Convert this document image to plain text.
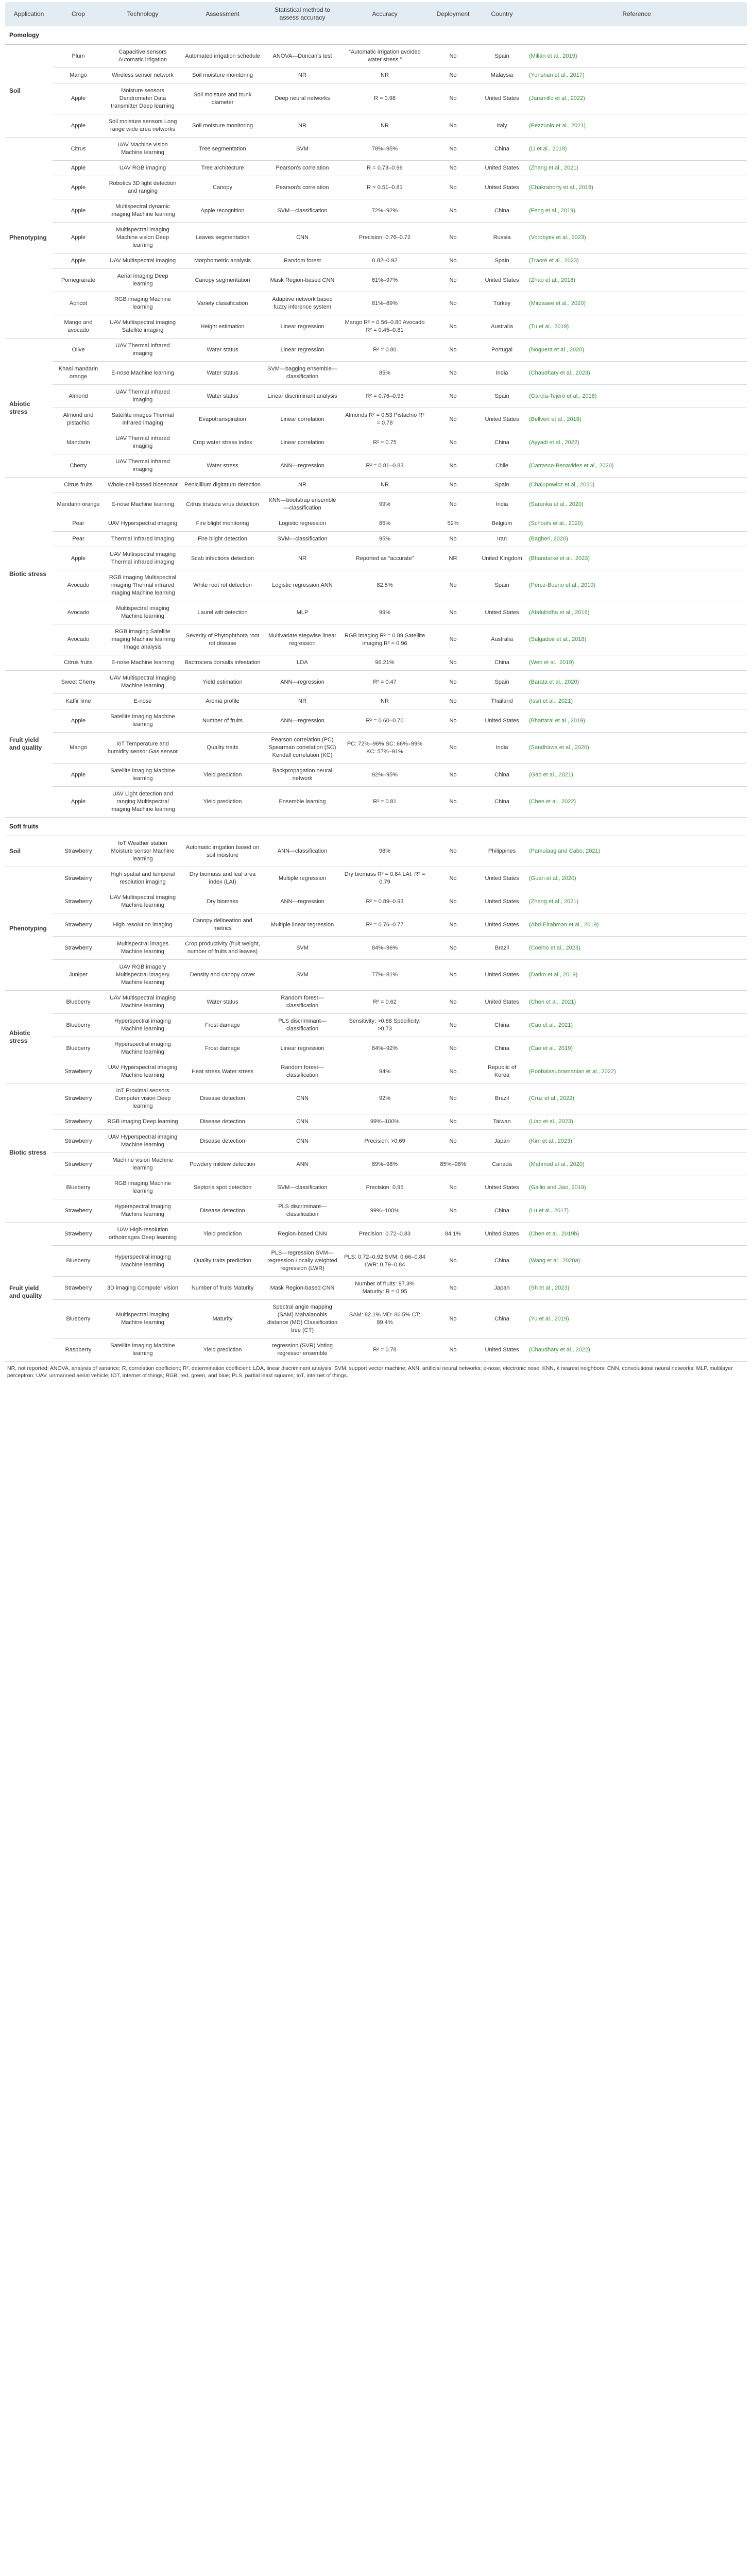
Application	Crop	Technology	Assessment	Statistical method to assess accuracy	Accuracy	Deployment	Country	Reference
Pomology								
Soil	Plum	Capacitive sensors Automatic irrigation	Automated irrigation schedule	ANOVA—Duncan's test	“Automatic irrigation avoided water stress.”	No	Spain	(Millán et al., 2019)
	Mango	Wireless sensor network	Soil moisture monitoring	NR	NR	No	Malaysia	(Yunshan et al., 2017)
	Apple	Moisture sensors Dendrometer Data transmitter Deep learning	Soil moisture and trunk diameter	Deep neural networks	R = 0.98	No	United States	(Jaramillo et al., 2022)
	Apple	Soil moisture sensors Long range wide area networks	Soil moisture monitoring	NR	NR	No	Italy	(Pezzuolo et al., 2021)
Phenotyping	Citrus	UAV Machine vision Machine learning	Tree segmentation	SVM	78%–95%	No	China	(Li et al., 2019)
	Apple	UAV RGB imaging	Tree architecture	Pearson's correlation	R = 0.73–0.96	No	United States	(Zhang et al., 2021)
	Apple	Robotics 3D light detection and ranging	Canopy	Pearson's correlation	R = 0.51–0.81	No	United States	(Chakraborty et al., 2019)
	Apple	Multispectral dynamic imaging Machine learning	Apple recognition	SVM—classification	72%–92%	No	China	(Feng et al., 2019)
	Apple	Multispectral imaging Machine vision Deep learning	Leaves segmentation	CNN	Precision: 0.76–0.72	No	Russia	(Vorobyev et al., 2023)
	Apple	UAV Multispectral imaging	Morphometric analysis	Random forest	0.82–0.92	No	Spain	(Traoré et al., 2023)
	Pomegranate	Aerial imaging Deep learning	Canopy segmentation	Mask Region-based CNN	61%–97%	No	United States	(Zhao et al., 2018)
	Apricot	RGB imaging Machine learning	Variety classification	Adaptive network based fuzzy inference system	81%–89%	No	Turkey	(Mirzaaee et al., 2020)
	Mango and avocado	UAV Multispectral imaging Satellite imaging	Height estimation	Linear regression	Mango R² = 0.56–0.80 Avocado R² = 0.45–0.81	No	Australia	(Tu et al., 2019)
Abiotic stress	Olive	UAV Thermal infrared imaging	Water status	Linear regression	R² = 0.80	No	Portugal	(Noguera et al., 2020)
	Khasi mandarin orange	E-nose Machine learning	Water status	SVM—bagging ensemble—classification	85%	No	India	(Chaudhary et al., 2023)
	Almond	UAV Thermal infrared imaging	Water status	Linear discriminant analysis	R² = 0.76–0.93	No	Spain	(García-Tejero et al., 2018)
	Almond and pistachio	Satellite images Thermal infrared imaging	Evapotranspiration	Linear correlation	Almonds R² = 0.53 Pistachio R² = 0.78	No	United States	(Bellvert et al., 2018)
	Mandarin	UAV Thermal infrared imaging	Crop water stress index	Linear correlation	R² = 0.75	No	China	(Ayyadi et al., 2022)
	Cherry	UAV Thermal infrared imaging	Water stress	ANN—regression	R² = 0.81–0.83	No	Chile	(Carrasco-Benavides et al., 2020)
Biotic stress	Citrus fruits	Whole-cell-based biosensor	Penicillium digitatum detection	NR	NR	No	Spain	(Chalupowicz et al., 2020)
	Mandarin orange	E-nose Machine learning	Citrus tristeza virus detection	KNN—bootstrap ensemble—classification	99%	No	India	(Saranka et al., 2020)
	Pear	UAV Hyperspectral imaging	Fire blight monitoring	Logistic regression	85%	52%	Belgium	(Schoofs et al., 2020)
	Pear	Thermal infrared imaging	Fire blight detection	SVM—classification	95%	No	Iran	(Bagheri, 2020)
	Apple	UAV Multispectral imaging Thermal infrared imaging	Scab infections detection	NR	Reported as “accurate”	NR	United Kingdom	(Bhandarke et al., 2023)
	Avocado	RGB imaging Multispectral imaging Thermal infrared imaging Machine learning	White root rot detection	Logistic regression ANN	82.5%	No	Spain	(Pérez-Bueno et al., 2019)
	Avocado	Multispectral imaging Machine learning	Laurel wilt detection	MLP	99%	No	United States	(Abdulridha et al., 2018)
	Avocado	RGB imaging Satellite imaging Machine learning Image analysis	Severity of Phytophthora root rot disease	Multivariate stepwise linear regression	RGB imaging R² = 0.89 Satellite imaging R² = 0.96	No	Australia	(Salgadoe et al., 2018)
	Citrus fruits	E-nose Machine learning	Bactrocera dorsalis infestation	LDA	96.21%	No	China	(Wen et al., 2019)
Fruit yield and quality	Sweet Cherry	UAV Multispectral imaging Machine learning	Yield estimation	ANN—regression	R² = 0.47	No	Spain	(Barata et al., 2020)
	Kaffir lime	E-nose	Aroma profile	NR	NR	No	Thailand	(Issri et al., 2021)
	Apple	Satellite imaging Machine learning	Number of fruits	ANN—regression	R² = 0.60–0.70	No	United States	(Bhattarai et al., 2019)
	Mango	IoT Temperature and humidity sensor Gas sensor	Quality traits	Pearson correlation (PC) Spearman correlation (SC) Kendall correlation (KC)	PC: 72%–96% SC: 66%–99% KC: 57%–91%	No	India	(Sandhawa et al., 2020)
	Apple	Satellite imaging Machine learning	Yield prediction	Backpropagation neural network	92%–95%	No	China	(Gao et al., 2021)
	Apple	UAV Light detection and ranging Multispectral imaging Machine learning	Yield prediction	Ensemble learning	R² = 0.81	No	China	(Chen et al., 2022)
Soft fruits								
Soil	Strawberry	IoT Weather station Moisture sensor Machine learning	Automatic irrigation based on soil moisture	ANN—classification	98%	No	Philippines	(Pamulaag and Cabo, 2021)
Phenotyping	Strawberry	High spatial and temporal resolution imaging	Dry biomass and leaf area index (LAI)	Multiple regression	Dry biomass R² = 0.84 LAI: R² = 0.79	No	United States	(Guan et al., 2020)
	Strawberry	UAV Multispectral imaging Machine learning	Dry biomass	ANN—regression	R² = 0.89–0.93	No	United States	(Zheng et al., 2021)
	Strawberry	High resolution imaging	Canopy delineation and metrics	Multiple linear regression	R² = 0.76–0.77	No	United States	(Abd-Elrahman et al., 2019)
	Strawberry	Multispectral images Machine learning	Crop productivity (fruit weight, number of fruits and leaves)	SVM	84%–96%	No	Brazil	(Coelho et al., 2023)
	Juniper	UAV RGB imagery Multispectral imagery Machine learning	Density and canopy cover	SVM	77%–81%	No	United States	(Darko et al., 2019)
Abiotic stress	Blueberry	UAV Multispectral imaging Machine learning	Water status	Random forest—classification	R² = 0.62	No	United States	(Chen et al., 2021)
	Blueberry	Hyperspectral imaging Machine learning	Frost damage	PLS discriminant—classification	Sensitivity: >0.88 Specificity: >0.73	No	China	(Cao et al., 2021)
	Blueberry	Hyperspectral imaging Machine learning	Frost damage	Linear regression	64%–92%	No	China	(Cao et al., 2019)
	Strawberry	UAV Hyperspectral imaging Machine learning	Heat stress Water stress	Random forest—classification	94%	No	Republic of Korea	(Poobalasubramanian et al., 2022)
Biotic stress	Strawberry	IoT Proximal sensors Computer vision Deep learning	Disease detection	CNN	92%	No	Brazil	(Cruz et al., 2022)
	Strawberry	RGB imaging Deep learning	Disease detection	CNN	99%–100%	No	Taiwan	(Liao et al., 2023)
	Strawberry	UAV Hyperspectral imaging Machine learning	Disease detection	CNN	Precision: >0.69	No	Japan	(Kim et al., 2023)
	Strawberry	Machine vision Machine learning	Powdery mildew detection	ANN	89%–98%	85%–98%	Canada	(Mahmud et al., 2020)
	Blueberry	RGB imaging Machine learning	Septoria spot detection	SVM—classification	Precision: 0.95	No	United States	(Gallio and Jiao, 2019)
	Strawberry	Hyperspectral imaging Machine learning	Disease detection	PLS discriminant—classification	99%–100%	No	China	(Lu et al., 2017)
Fruit yield and quality	Strawberry	UAV High-resolution orthoimages Deep learning	Yield prediction	Region-based CNN	Precision: 0.72–0.83	84.1%	United States	(Chen et al., 2019b)
	Blueberry	Hyperspectral imaging Machine learning	Quality traits prediction	PLS—regression SVM—regression Locally weighted regression (LWR)	PLS: 0.72–0.92 SVM: 0.66–0.84 LWR: 0.79–0.84	No	China	(Wang et al., 2020a)
	Strawberry	3D imaging Computer vision	Number of fruits Maturity	Mask Region-based CNN	Number of fruits: 97.3% Maturity: R = 0.95	No	Japan	(Sh et al., 2023)
	Blueberry	Multispectral imaging Machine learning	Maturity	Spectral angle mapping (SAM) Mahalanobis distance (MD) Classification tree (CT)	SAM: 82.1% MD: 86.5% CT: 89.4%	No	China	(Yu et al., 2019)
	Raspberry	Satellite imaging Machine learning	Yield prediction	regression (SVR) Voting regressor ensemble	R² = 0.78	No	United States	(Chaudhary et al., 2022)
NR, not reported; ANOVA, analysis of variance; R, correlation coefficient; R², determination coefficient; LDA, linear discriminant analysis; SVM, support vector machine; ANN, artificial neural networks; e-nose, electronic nose; KNN, k nearest neighbors; CNN, convolutional neural networks; MLP, multilayer perceptron; UAV, unmanned aerial vehicle; IOT, Internet of things; RGB, red, green, and blue; PLS, partial least squares; IoT, internet of things.
